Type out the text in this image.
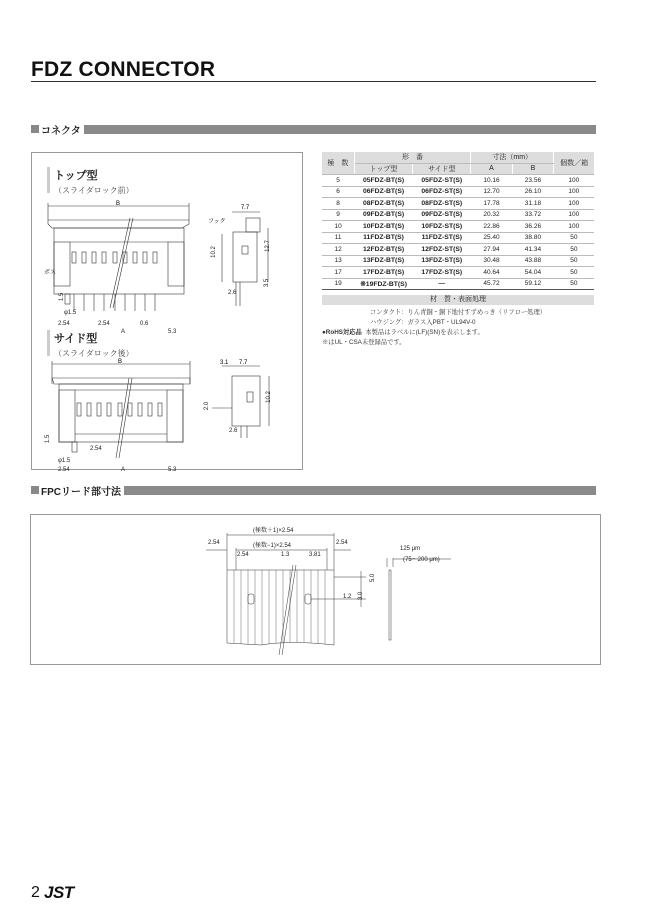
FDZ CONNECTOR
コネクタ
トップ型
（スライダロック前）
B
ボス
7.7
フック
φ1.5
1.5
2.54	2.54	0.6
A	5.3
10.2
12.7
3.5
2.6
サイド型
（スライダロック後）
B	3.1 7.7
1.5
2.54
φ1.5
2.54	A	5.3
2.0
10.2
2.6
極　数	形　番		寸法（mm）		個数／箱
	トップ型	サイド型	A	B	
5	05FDZ-BT(S)	05FDZ-ST(S)	10.16	23.56	100
6	06FDZ-BT(S)	06FDZ-ST(S)	12.70	26.10	100
8	08FDZ-BT(S)	08FDZ-ST(S)	17.78	31.18	100
9	09FDZ-BT(S)	09FDZ-ST(S)	20.32	33.72	100
10	10FDZ-BT(S)	10FDZ-ST(S)	22.86	36.26	100
11	11FDZ-BT(S)	11FDZ-ST(S)	25.40	38.80	50
12	12FDZ-BT(S)	12FDZ-ST(S)	27.94	41.34	50
13	13FDZ-BT(S)	13FDZ-ST(S)	30.48	43.88	50
17	17FDZ-BT(S)	17FDZ-ST(S)	40.64	54.04	50
19	※19FDZ-BT(S)	—	45.72	59.12	50
材　質・表面処理
コンタクト：りん青銅・銅下地付すずめっき（リフロー処理）
ハウジング：ガラス入PBT・UL94V-0
●RoHS対応品 本製品はラベルに(LF)(SN)を表示します。
※はUL・CSA未登録品です。
FPCリード部寸法
(極数＋1)×2.54
2.54	(極数−1)×2.54	2.54
2.54	1.3	3.81
5.0
3.0
1.2
125 μm
(75〜200 μm)
2 JST
